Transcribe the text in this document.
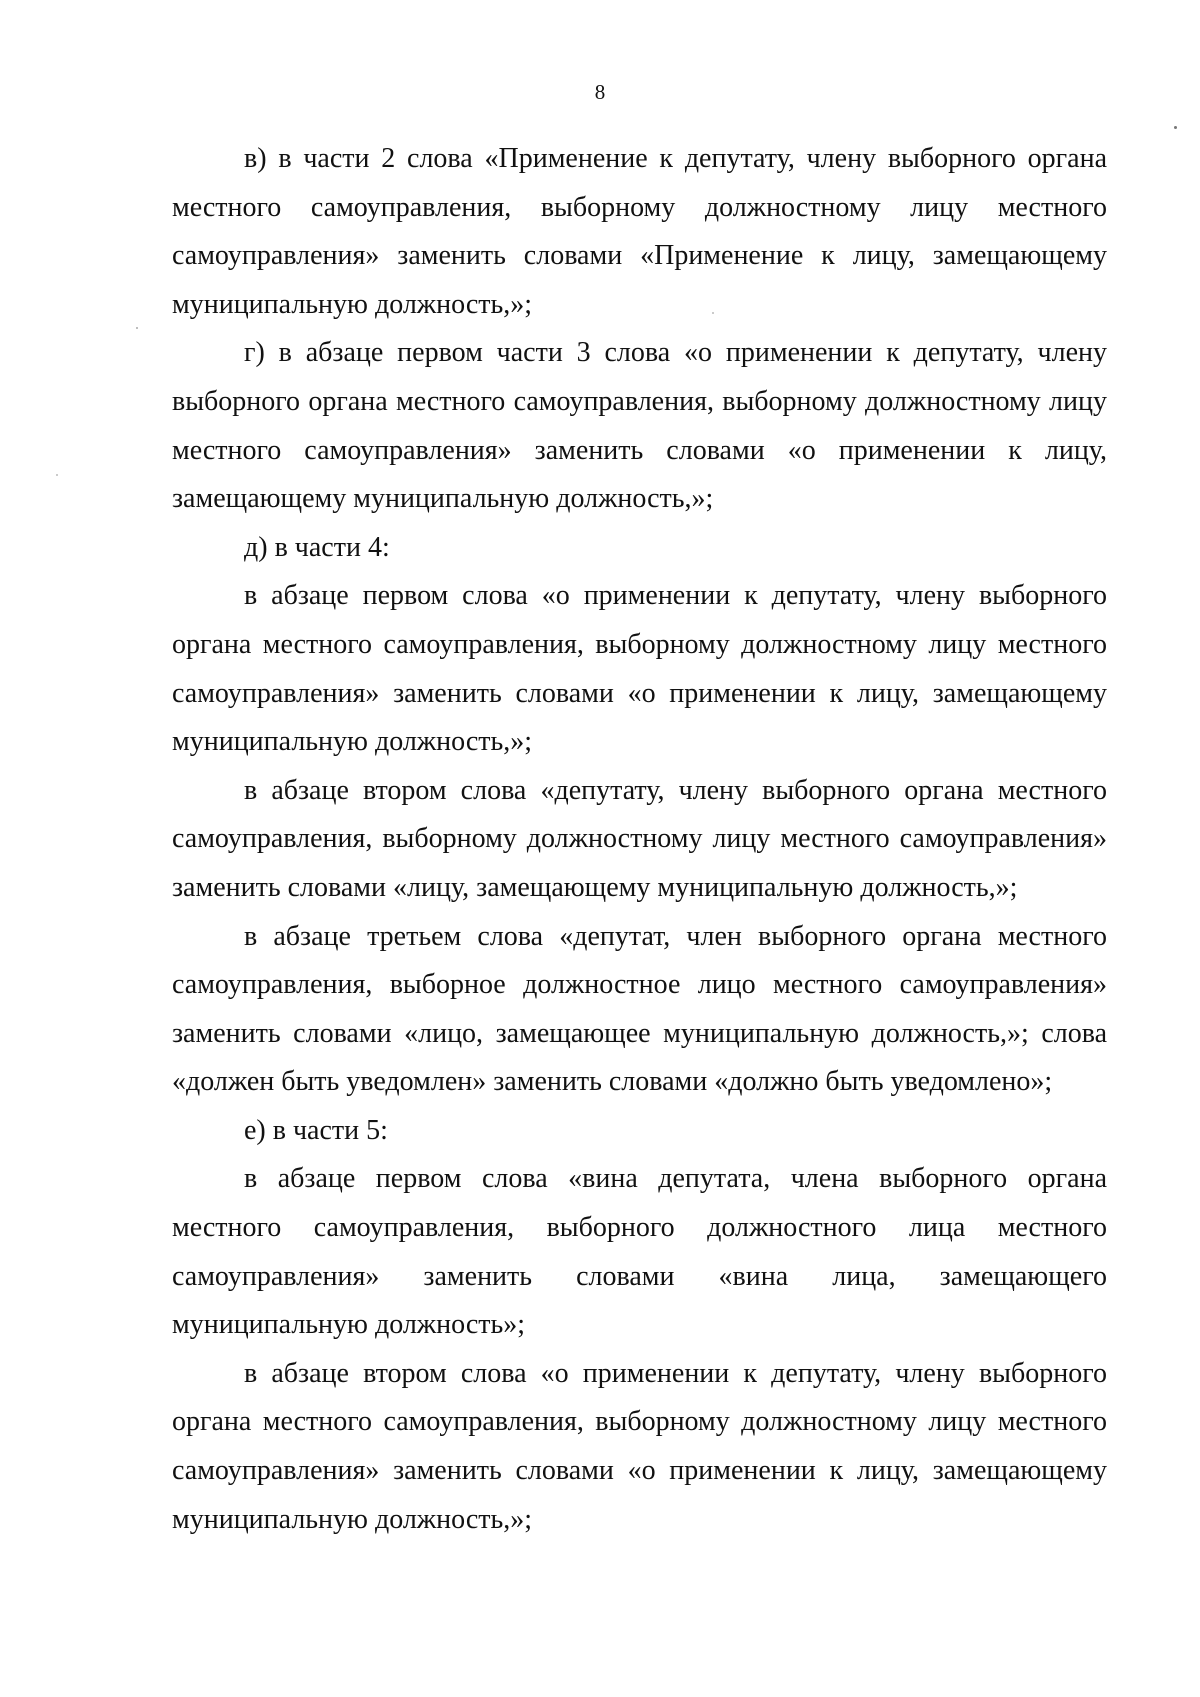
8

в) в части 2 слова «Применение к депутату, члену выборного органа местного самоуправления, выборному должностному лицу местного самоуправления» заменить словами «Применение к лицу, замещающему муниципальную должность,»;

г) в абзаце первом части 3 слова «о применении к депутату, члену выборного органа местного самоуправления, выборному должностному лицу местного самоуправления» заменить словами «о применении к лицу, замещающему муниципальную должность,»;

д) в части 4:

в абзаце первом слова «о применении к депутату, члену выборного органа местного самоуправления, выборному должностному лицу местного самоуправления» заменить словами «о применении к лицу, замещающему муниципальную должность,»;

в абзаце втором слова «депутату, члену выборного органа местного самоуправления, выборному должностному лицу местного самоуправления» заменить словами «лицу, замещающему муниципальную должность,»;

в абзаце третьем слова «депутат, член выборного органа местного самоуправления, выборное должностное лицо местного самоуправления» заменить словами «лицо, замещающее муниципальную должность,»; слова «должен быть уведомлен» заменить словами «должно быть уведомлено»;

е) в части 5:

в абзаце первом слова «вина депутата, члена выборного органа местного самоуправления, выборного должностного лица местного самоуправления» заменить словами «вина лица, замещающего муниципальную должность»;

в абзаце втором слова «о применении к депутату, члену выборного органа местного самоуправления, выборному должностному лицу местного самоуправления» заменить словами «о применении к лицу, замещающему муниципальную должность,»;
